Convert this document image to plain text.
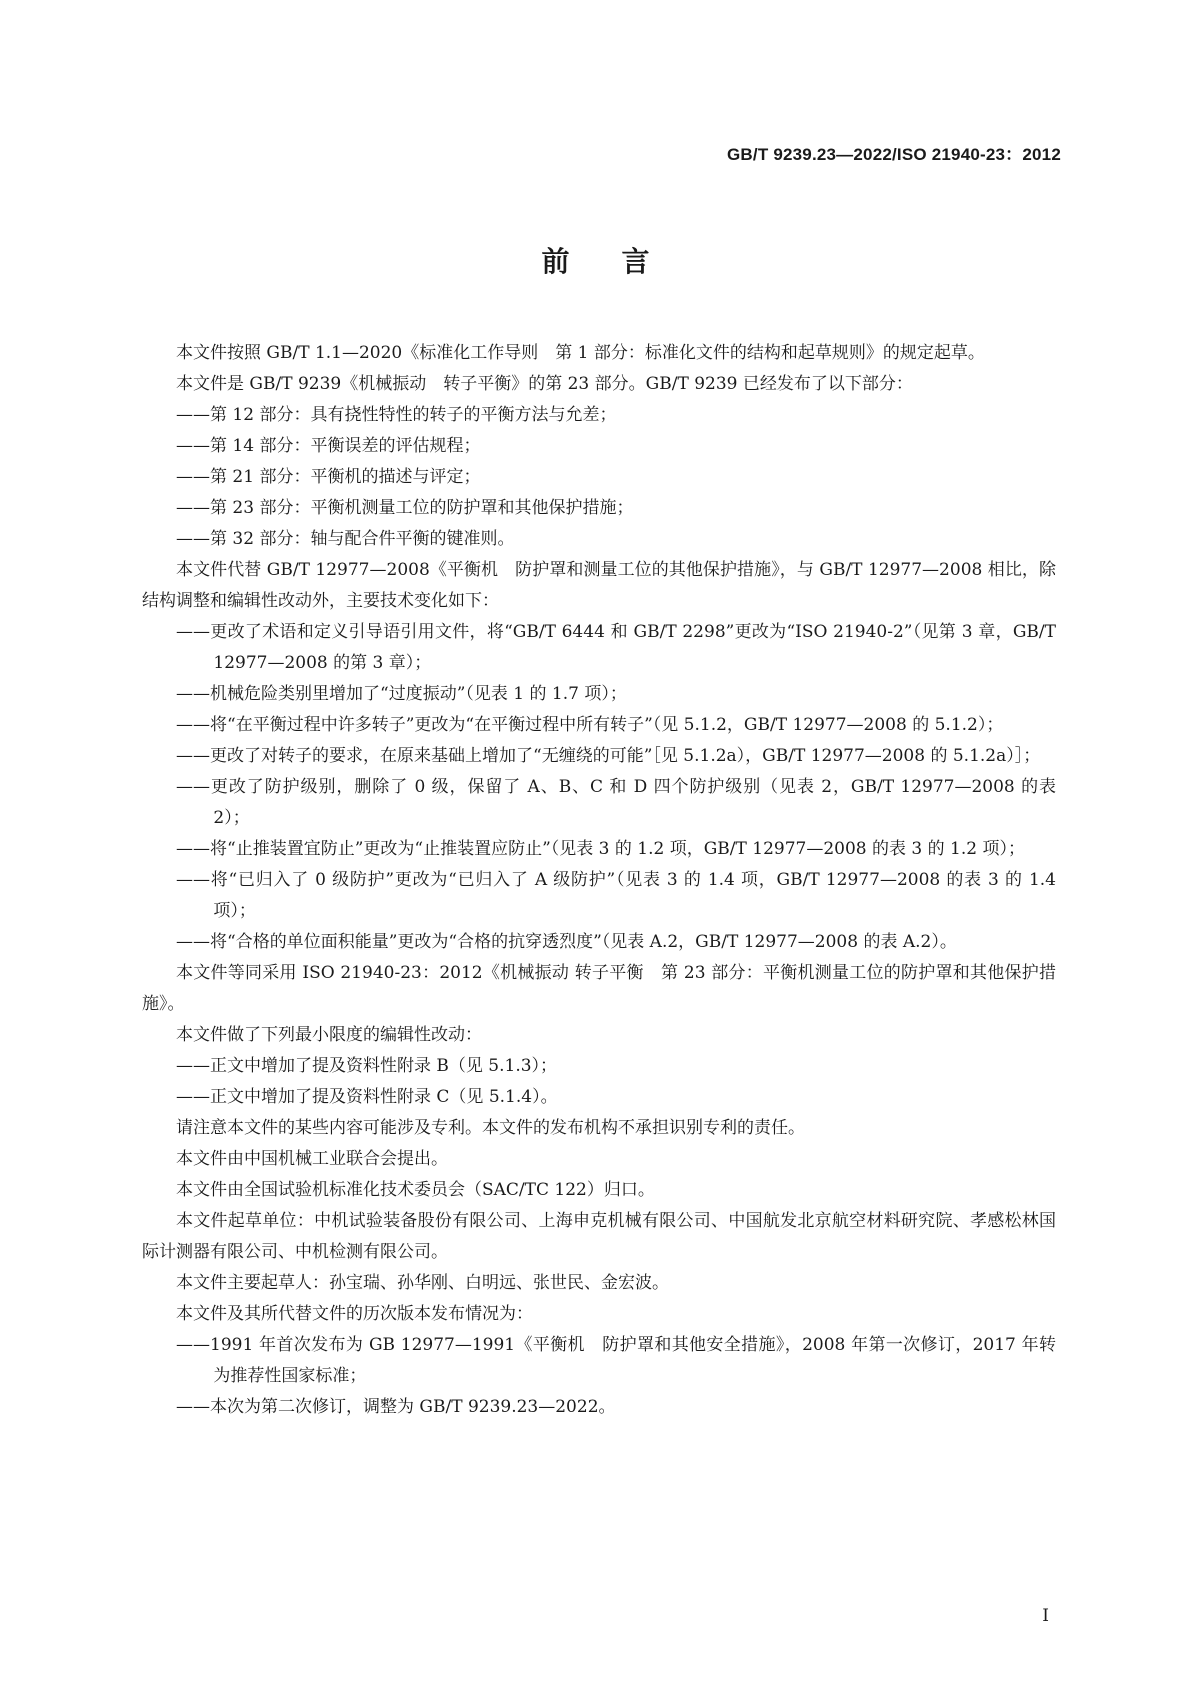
GB/T 9239.23—2022/ISO 21940-23：2012
前言

本文件按照 GB/T 1.1—2020《标准化工作导则　第 1 部分：标准化文件的结构和起草规则》的规定起草。

本文件是 GB/T 9239《机械振动　转子平衡》的第 23 部分。GB/T 9239 已经发布了以下部分：

——第 12 部分：具有挠性特性的转子的平衡方法与允差；

——第 14 部分：平衡误差的评估规程；

——第 21 部分：平衡机的描述与评定；

——第 23 部分：平衡机测量工位的防护罩和其他保护措施；

——第 32 部分：轴与配合件平衡的键准则。

本文件代替 GB/T 12977—2008《平衡机　防护罩和测量工位的其他保护措施》，与 GB/T 12977—2008 相比，除结构调整和编辑性改动外，主要技术变化如下：

——更改了术语和定义引导语引用文件，将“GB/T 6444 和 GB/T 2298”更改为“ISO 21940-2”（见第 3 章，GB/T 12977—2008 的第 3 章）；

——机械危险类别里增加了“过度振动”（见表 1 的 1.7 项）；

——将“在平衡过程中许多转子”更改为“在平衡过程中所有转子”（见 5.1.2，GB/T 12977—2008 的 5.1.2）；

——更改了对转子的要求，在原来基础上增加了“无缠绕的可能”［见 5.1.2a），GB/T 12977—2008 的 5.1.2a）］；

——更改了防护级别，删除了 0 级，保留了 A、B、C 和 D 四个防护级别（见表 2，GB/T 12977—2008 的表 2）；

——将“止推装置宜防止”更改为“止推装置应防止”（见表 3 的 1.2 项，GB/T 12977—2008 的表 3 的 1.2 项）；

——将“已归入了 0 级防护”更改为“已归入了 A 级防护”（见表 3 的 1.4 项，GB/T 12977—2008 的表 3 的 1.4 项）；

——将“合格的单位面积能量”更改为“合格的抗穿透烈度”（见表 A.2，GB/T 12977—2008 的表 A.2）。

本文件等同采用 ISO 21940-23：2012《机械振动 转子平衡　第 23 部分：平衡机测量工位的防护罩和其他保护措施》。

本文件做了下列最小限度的编辑性改动：

——正文中增加了提及资料性附录 B（见 5.1.3）；

——正文中增加了提及资料性附录 C（见 5.1.4）。

请注意本文件的某些内容可能涉及专利。本文件的发布机构不承担识别专利的责任。

本文件由中国机械工业联合会提出。

本文件由全国试验机标准化技术委员会（SAC/TC 122）归口。

本文件起草单位：中机试验装备股份有限公司、上海申克机械有限公司、中国航发北京航空材料研究院、孝感松林国际计测器有限公司、中机检测有限公司。

本文件主要起草人：孙宝瑞、孙华刚、白明远、张世民、金宏波。

本文件及其所代替文件的历次版本发布情况为：

——1991 年首次发布为 GB 12977—1991《平衡机　防护罩和其他安全措施》，2008 年第一次修订，2017 年转为推荐性国家标准；

——本次为第二次修订，调整为 GB/T 9239.23—2022。

I
